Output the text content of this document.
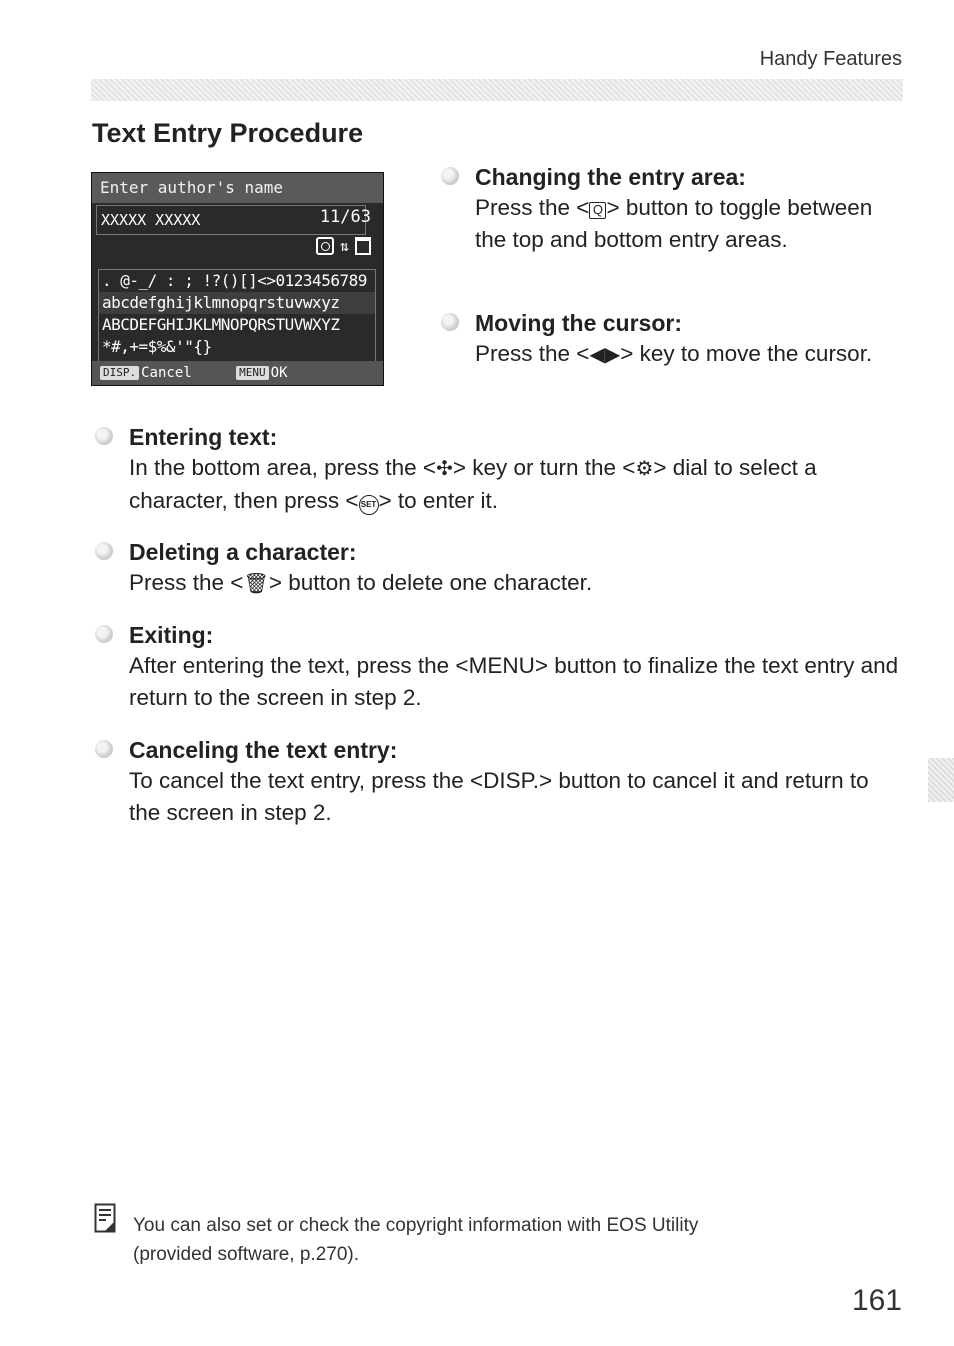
Handy Features
Text Entry Procedure
Enter author's name
XXXXX XXXXX	11/63
⇅
. @-_/ : ; !?()[]<>0123456789
abcdefghijklmnopqrstuvwxyz
ABCDEFGHIJKLMNOPQRSTUVWXYZ
*#,+=$%&'"{}
DISP. Cancel	MENU OK
Changing the entry area:
Press the < Q > button to toggle between the top and bottom entry areas.
Moving the cursor:
Press the <◀▶> key to move the cursor.
Entering text:
In the bottom area, press the <✣> key or turn the <⚙> dial to select a character, then press < SET> to enter it.
Deleting a character:
Press the <🗑> button to delete one character.
Exiting:
After entering the text, press the <MENU> button to finalize the text entry and return to the screen in step 2.
Canceling the text entry:
To cancel the text entry, press the <DISP.> button to cancel it and return to the screen in step 2.
You can also set or check the copyright information with EOS Utility
(provided software, p.270).
161
